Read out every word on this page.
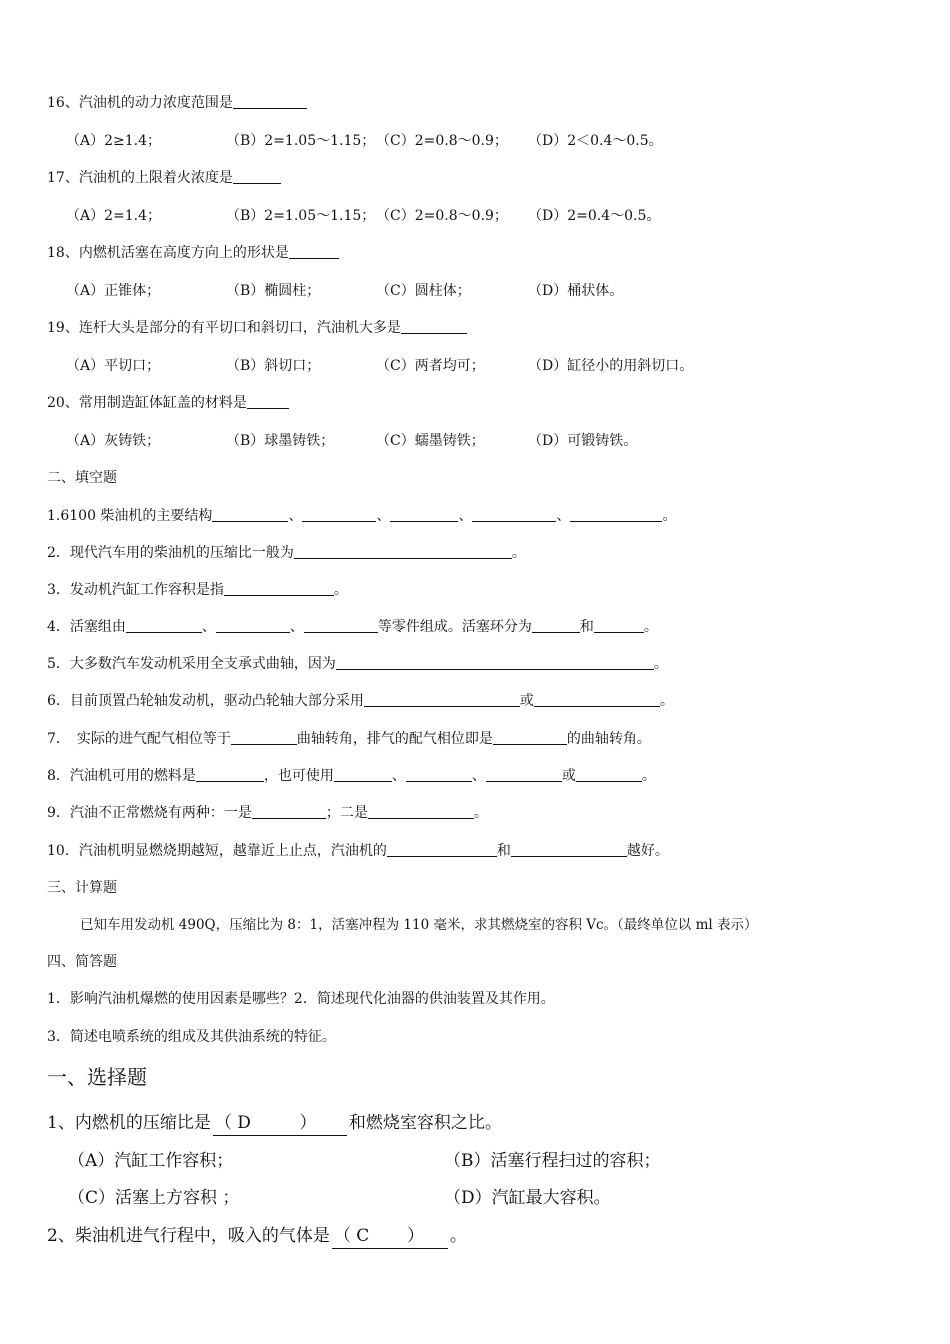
16、汽油机的动力浓度范围是
（A）2≥1.4；	（B）2=1.05～1.15； （C）2=0.8～0.9； （D）2＜0.4～0.5。
17、汽油机的上限着火浓度是
（A）2=1.4；	（B）2=1.05～1.15； （C）2=0.8～0.9； （D）2=0.4～0.5。
18、内燃机活塞在高度方向上的形状是
（A）正锥体；	（B）椭圆柱；	（C）圆柱体；	（D）桶状体。
19、连杆大头是部分的有平切口和斜切口，汽油机大多是
（A）平切口；	（B）斜切口；	（C）两者均可；	（D）缸径小的用斜切口。
20、常用制造缸体缸盖的材料是
（A）灰铸铁；	（B）球墨铸铁；	（C）蠕墨铸铁；	（D）可锻铸铁。
二、填空题
1.6100 柴油机的主要结构	、	、	、	、	。
2．现代汽车用的柴油机的压缩比一般为	。
3．发动机汽缸工作容积是指	。
4．活塞组由	、	、	等零件组成。活塞环分为	和	。
5．大多数汽车发动机采用全支承式曲轴，因为	。
6．目前顶置凸轮轴发动机，驱动凸轮轴大部分采用	或	。
7．　实际的进气配气相位等于	曲轴转角，排气的配气相位即是	的曲轴转角。
8．汽油机可用的燃料是	，也可使用	、	、	或	。
9．汽油不正常燃烧有两种：一是	；二是	。
10．汽油机明显燃烧期越短，越靠近上止点，汽油机的	和	越好。
三、计算题
已知车用发动机 490Q，压缩比为 8：1，活塞冲程为 110 毫米，求其燃烧室的容积 Vc。（最终单位以 ml 表示）
四、简答题
1．影响汽油机爆燃的使用因素是哪些？2．简述现代化油器的供油装置及其作用。
3．简述电喷系统的组成及其供油系统的特征。
一、选择题
1、内燃机的压缩比是 （ D	） 和燃烧室容积之比。
（A）汽缸工作容积；	（B）活塞行程扫过的容积；
（C）活塞上方容积 ；	（D）汽缸最大容积。
2、柴油机进气行程中，吸入的气体是 （ C ） 。
